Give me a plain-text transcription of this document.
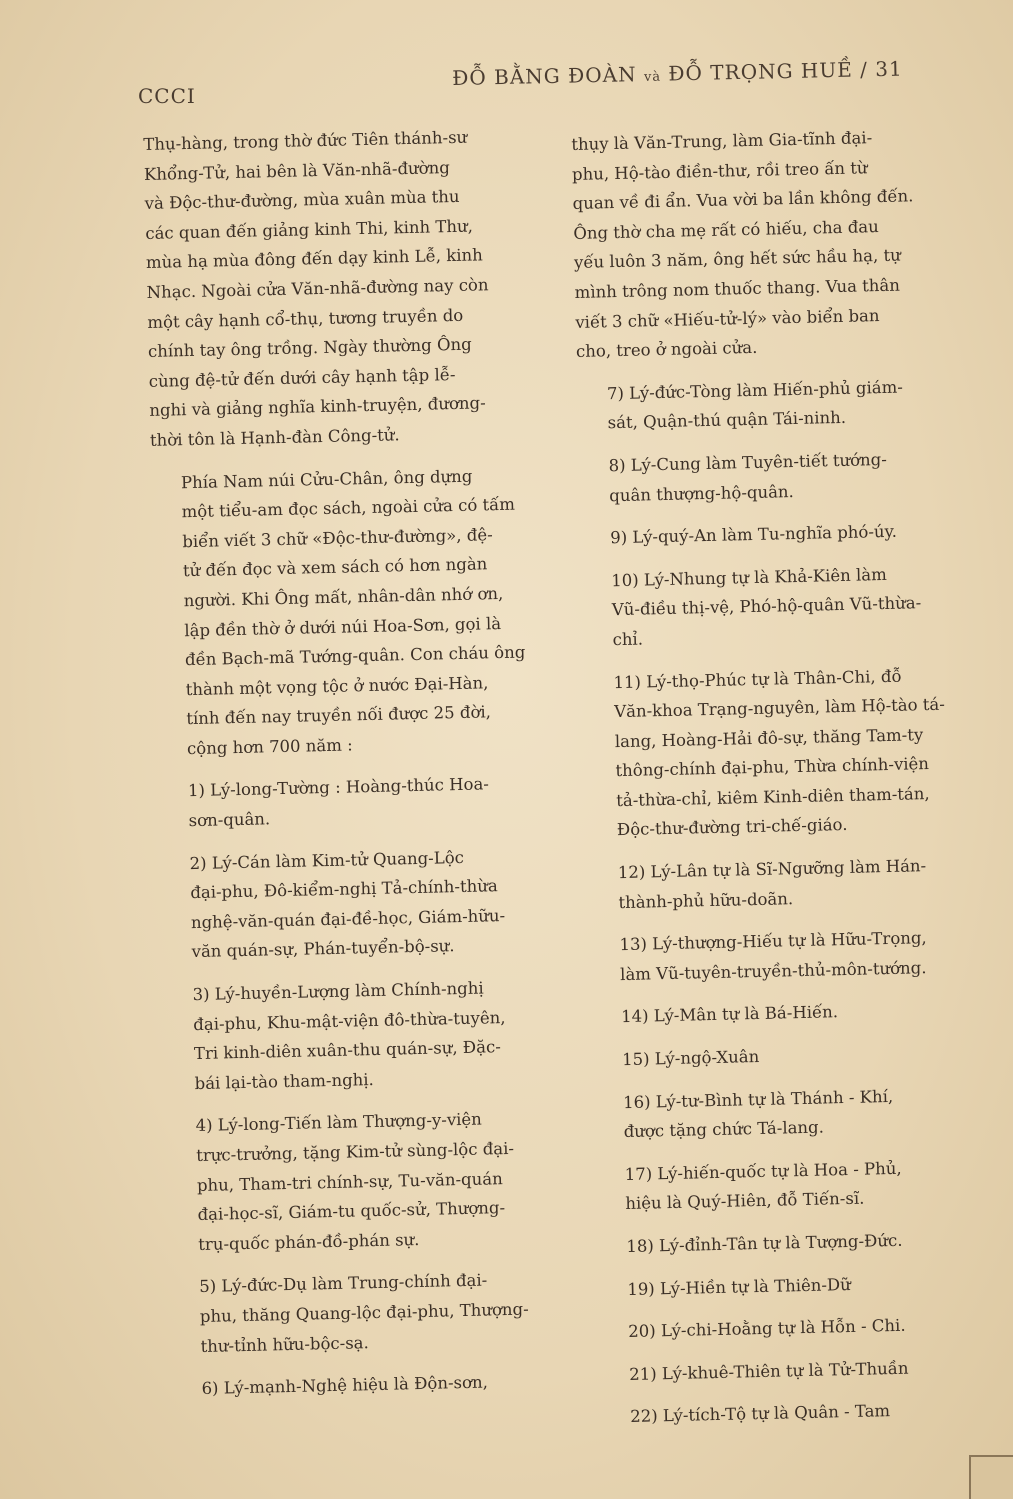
CCCI
ĐỖ BẰNG ĐOÀN và ĐỖ TRỌNG HUỀ / 31
Thụ-hàng, trong thờ đức Tiên thánh-sư
Khổng-Tử, hai bên là Văn-nhã-đường
và Độc-thư-đường, mùa xuân mùa thu
các quan đến giảng kinh Thi, kinh Thư,
mùa hạ mùa đông đến dạy kinh Lễ, kinh
Nhạc. Ngoài cửa Văn-nhã-đường nay còn
một cây hạnh cổ-thụ, tương truyền do
chính tay ông trồng. Ngày thường Ông
cùng đệ-tử đến dưới cây hạnh tập lễ-
nghi và giảng nghĩa kinh-truyện, đương-
thời tôn là Hạnh-đàn Công-tử.
Phía Nam núi Cửu-Chân, ông dựng
một tiểu-am đọc sách, ngoài cửa có tấm
biển viết 3 chữ «Độc-thư-đường», đệ-
tử đến đọc và xem sách có hơn ngàn
người. Khi Ông mất, nhân-dân nhớ ơn,
lập đền thờ ở dưới núi Hoa-Sơn, gọi là
đền Bạch-mã Tướng-quân. Con cháu ông
thành một vọng tộc ở nước Đại-Hàn,
tính đến nay truyền nối được 25 đời,
cộng hơn 700 năm :
1) Lý-long-Tường : Hoàng-thúc Hoa-
sơn-quân.
2) Lý-Cán làm Kim-tử Quang-Lộc
đại-phu, Đô-kiểm-nghị Tả-chính-thừa
nghệ-văn-quán đại-đề-học, Giám-hữu-
văn quán-sự, Phán-tuyển-bộ-sự.
3) Lý-huyền-Lượng làm Chính-nghị
đại-phu, Khu-mật-viện đô-thừa-tuyên,
Tri kinh-diên xuân-thu quán-sự, Đặc-
bái lại-tào tham-nghị.
4) Lý-long-Tiến làm Thượng-y-viện
trực-trưởng, tặng Kim-tử sùng-lộc đại-
phu, Tham-tri chính-sự, Tu-văn-quán
đại-học-sĩ, Giám-tu quốc-sử, Thượng-
trụ-quốc phán-đồ-phán sự.
5) Lý-đức-Dụ làm Trung-chính đại-
phu, thăng Quang-lộc đại-phu, Thượng-
thư-tỉnh hữu-bộc-sạ.
6) Lý-mạnh-Nghệ hiệu là Độn-sơn,
thụy là Văn-Trung, làm Gia-tĩnh đại-
phu, Hộ-tào điền-thư, rồi treo ấn từ
quan về đi ẩn. Vua vời ba lần không đến.
Ông thờ cha mẹ rất có hiếu, cha đau
yếu luôn 3 năm, ông hết sức hầu hạ, tự
mình trông nom thuốc thang. Vua thân
viết 3 chữ «Hiếu-tử-lý» vào biển ban
cho, treo ở ngoài cửa.
7) Lý-đức-Tòng làm Hiến-phủ giám-
sát, Quận-thú quận Tái-ninh.
8) Lý-Cung làm Tuyên-tiết tướng-
quân thượng-hộ-quân.
9) Lý-quý-An làm Tu-nghĩa phó-úy.
10) Lý-Nhung tự là Khả-Kiên làm
Vũ-điều thị-vệ, Phó-hộ-quân Vũ-thừa-
chỉ.
11) Lý-thọ-Phúc tự là Thân-Chi, đỗ
Văn-khoa Trạng-nguyên, làm Hộ-tào tá-
lang, Hoàng-Hải đô-sự, thăng Tam-ty
thông-chính đại-phu, Thừa chính-viện
tả-thừa-chỉ, kiêm Kinh-diên tham-tán,
Độc-thư-đường tri-chế-giáo.
12) Lý-Lân tự là Sĩ-Ngưỡng làm Hán-
thành-phủ hữu-doãn.
13) Lý-thượng-Hiếu tự là Hữu-Trọng,
làm Vũ-tuyên-truyền-thủ-môn-tướng.
14) Lý-Mân tự là Bá-Hiến.
15) Lý-ngộ-Xuân
16) Lý-tư-Bình tự là Thánh - Khí,
được tặng chức Tá-lang.
17) Lý-hiến-quốc tự là Hoa - Phủ,
hiệu là Quý-Hiên, đỗ Tiến-sĩ.
18) Lý-đỉnh-Tân tự là Tượng-Đức.
19) Lý-Hiền tự là Thiên-Dữ
20) Lý-chi-Hoằng tự là Hỗn - Chi.
21) Lý-khuê-Thiên tự là Tử-Thuần
22) Lý-tích-Tộ tự là Quân - Tam
